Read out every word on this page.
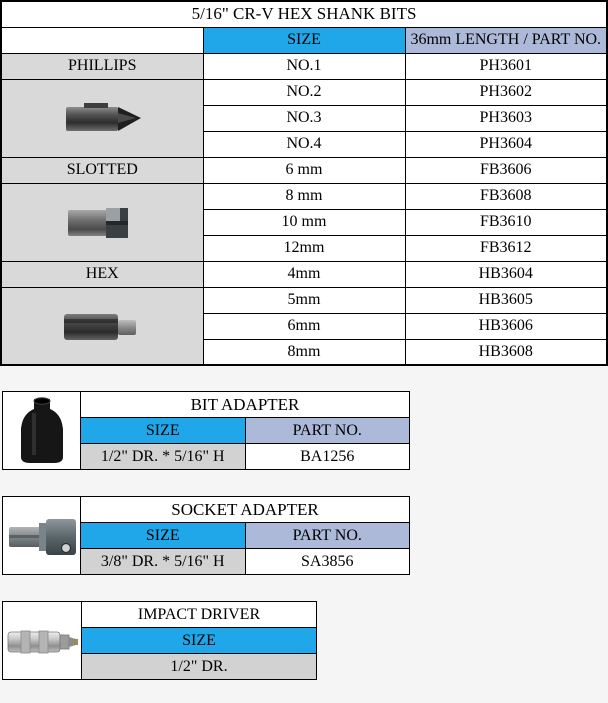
5/16" CR-V HEX SHANK BITS		
	SIZE	36mm LENGTH / PART NO.
PHILLIPS	NO.1	PH3601

	NO.2	PH3602
	NO.3	PH3603
	NO.4	PH3604
SLOTTED	6 mm	FB3606

	8 mm	FB3608
	10 mm	FB3610
	12mm	FB3612
HEX	4mm	HB3604

	5mm	HB3605
	6mm	HB3606
	8mm	HB3608
	BIT ADAPTER	
	SIZE	PART NO.
	1/2" DR. * 5/16" H	BA1256
	SOCKET ADAPTER	
	SIZE	PART NO.
	3/8" DR. * 5/16" H	SA3856
	IMPACT DRIVER
SIZE
1/2" DR.
